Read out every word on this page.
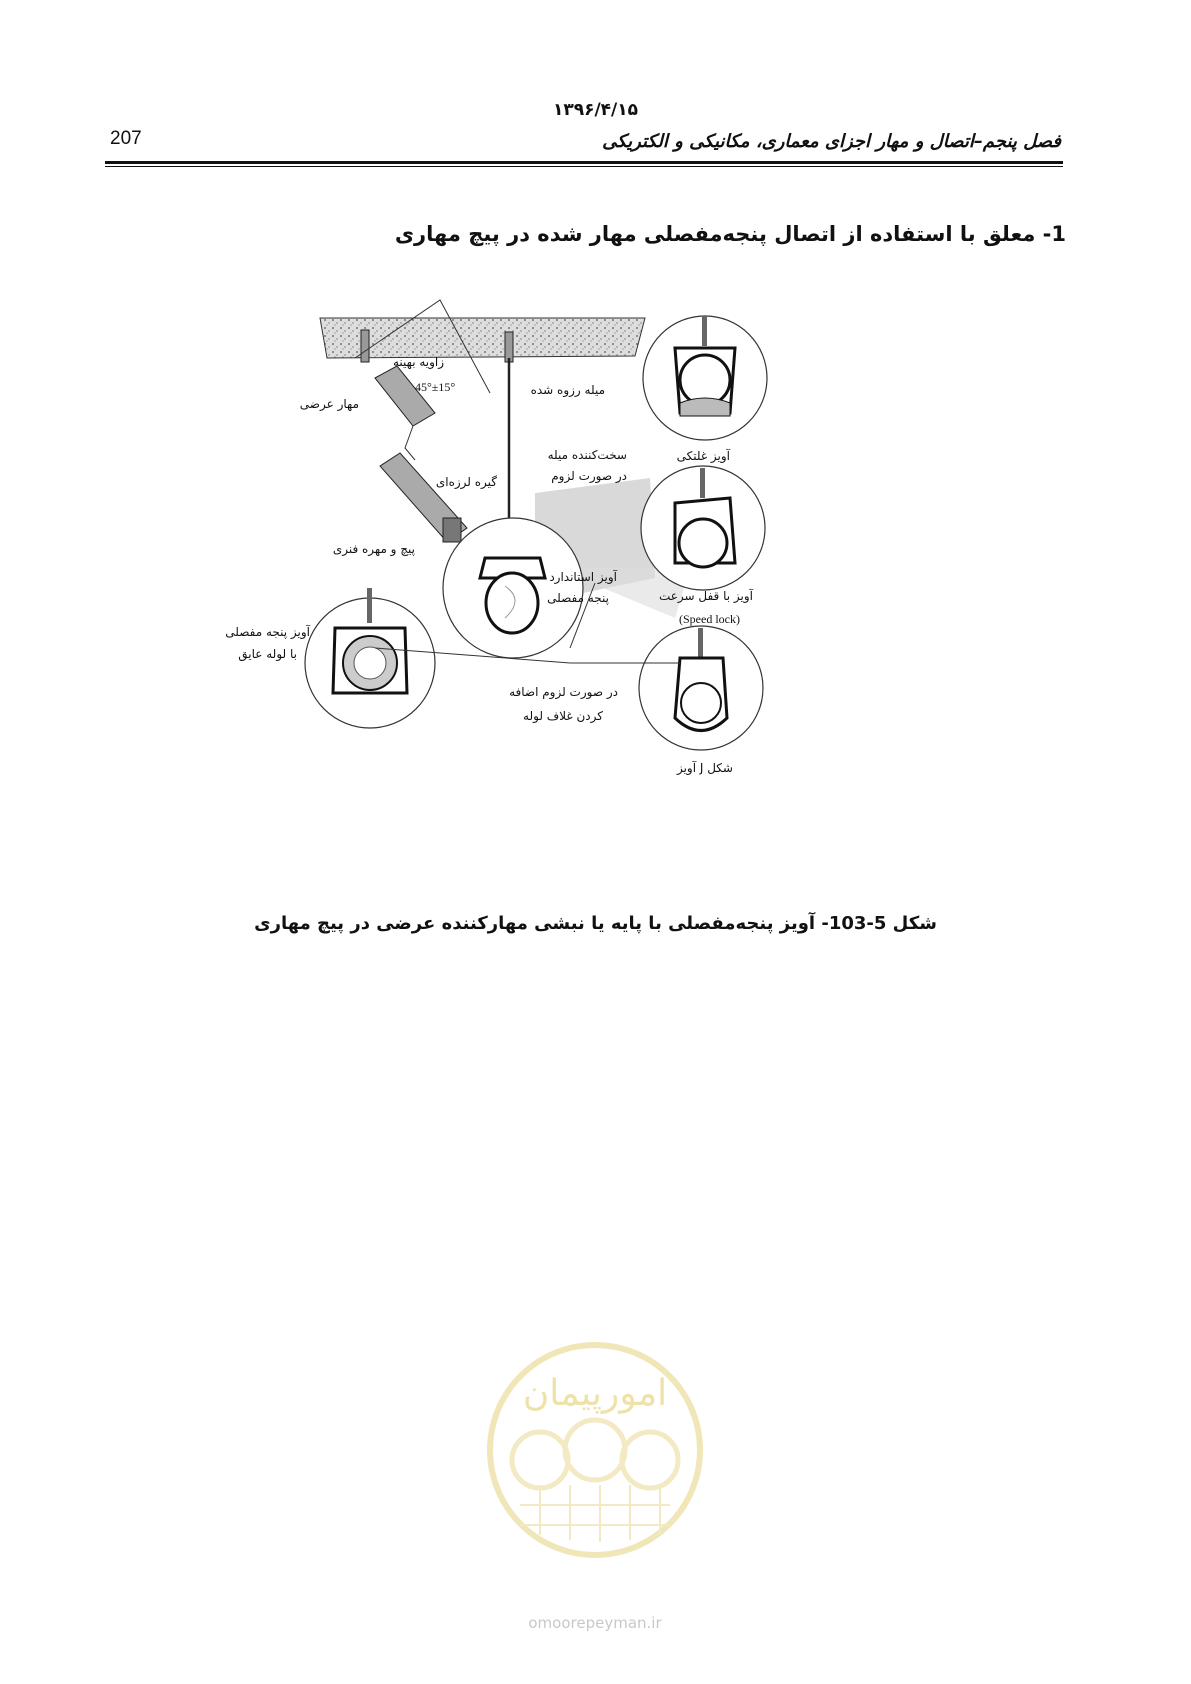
۱۳۹۶/۴/۱۵
207	فصل پنجم–اتصال و مهار اجزای معماری، مکانیکی و الکتریکی
1- معلق با استفاده از اتصال پنجه‌مفصلی مهار شده در پیچ مهاری
زاویه بهینه
45°±15°
مهار عرضی
میله رزوه شده
سخت‌کننده میله
در صورت لزوم
گیره لرزه‌ای
پیچ و مهره فنری
آویز استاندارد
پنجه مفصلی
آویز غلتکی
آویز با قفل سرعت
(Speed lock)
آویز پنجه مفصلی
با لوله عایق
در صورت لزوم اضافه
کردن غلاف لوله
آویز J شکل
شکل 5-103- آویز پنجه‌مفصلی با پایه یا نبشی مهارکننده عرضی در پیچ مهاری
امورپیمان
omoorepeyman.ir
